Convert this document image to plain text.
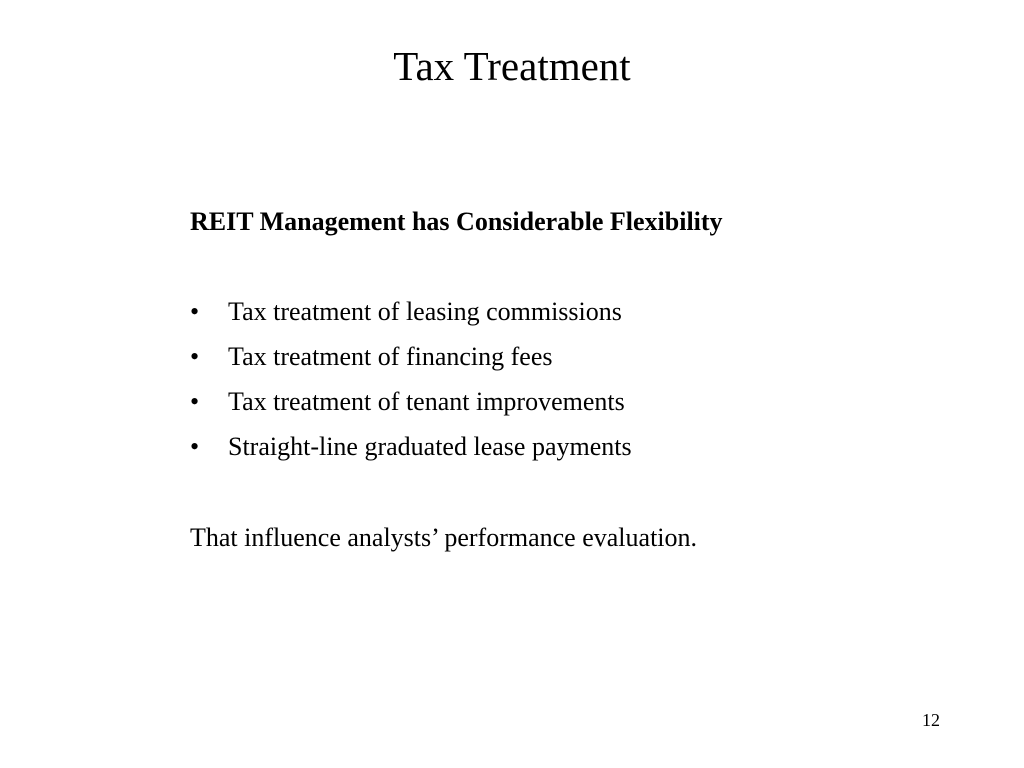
Tax Treatment

REIT Management has Considerable Flexibility

•	Tax treatment of leasing commissions
•	Tax treatment of financing fees
•	Tax treatment of tenant improvements
•	Straight-line graduated lease payments

That influence analysts’ performance evaluation.

12
